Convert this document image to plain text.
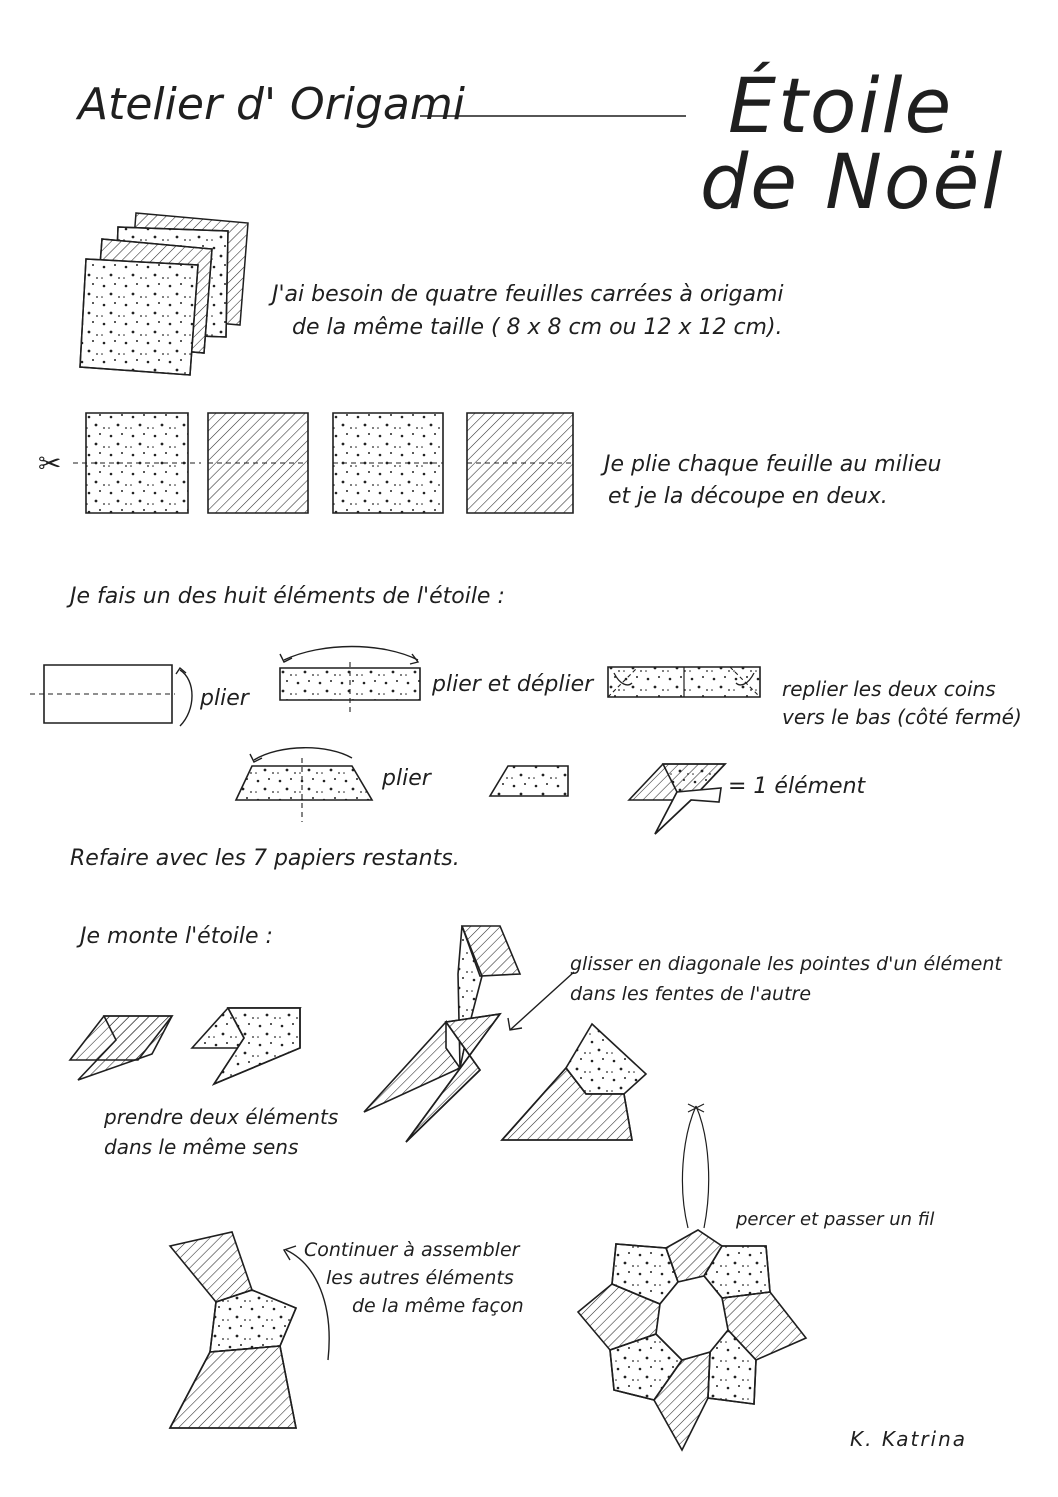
Atelier d' Origami	Étoile
de Noël
J'ai besoin de quatre feuilles carrées à origami
de la même taille ( 8 x 8 cm ou 12 x 12 cm).
✂	Je plie chaque feuille au milieu
et je la découpe en deux.
Je fais un des huit éléments de l'étoile :
plier
plier et déplier	replier les deux coins
vers le bas (côté fermé)
plier	= 1 élément
Refaire avec les 7 papiers restants.
Je monte l'étoile :
prendre deux éléments
dans le même sens
glisser en diagonale les pointes d'un élément
dans les fentes de l'autre
Continuer à assembler
les autres éléments
de la même façon
percer et passer un fil
K. Katrina
